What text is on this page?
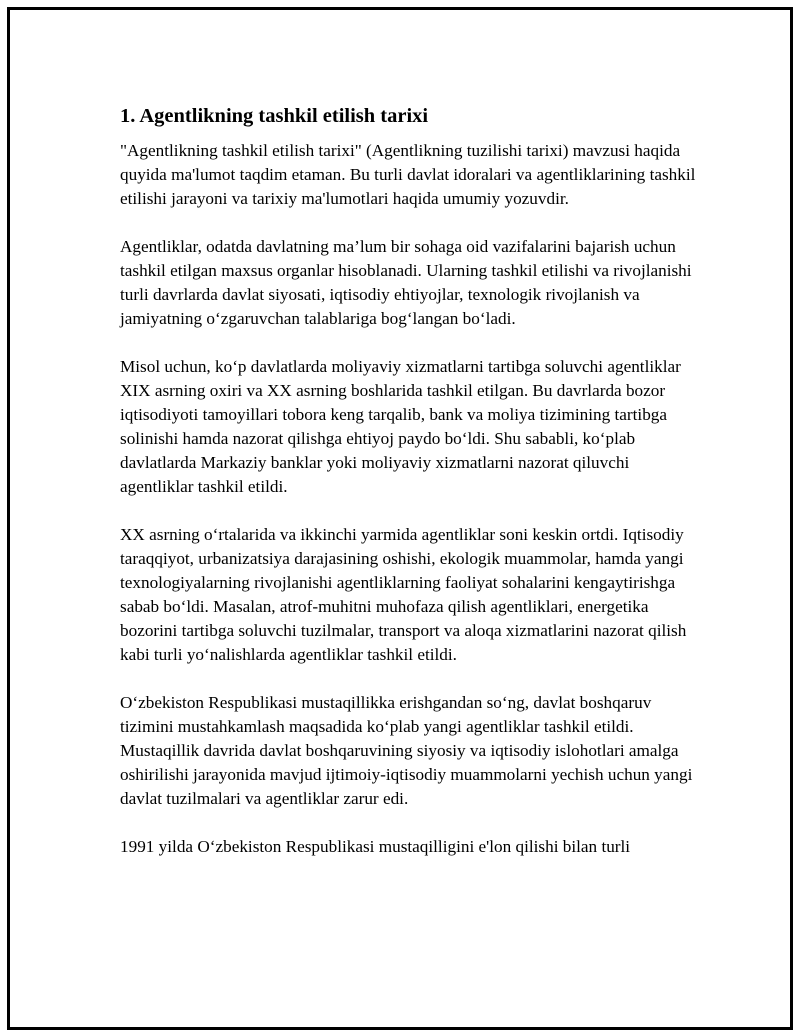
1. Agentlikning tashkil etilish tarixi

"Agentlikning tashkil etilish tarixi" (Agentlikning tuzilishi tarixi) mavzusi haqida quyida ma'lumot taqdim etaman. Bu turli davlat idoralari va agentliklarining tashkil etilishi jarayoni va tarixiy ma'lumotlari haqida umumiy yozuvdir.

Agentliklar, odatda davlatning ma’lum bir sohaga oid vazifalarini bajarish uchun tashkil etilgan maxsus organlar hisoblanadi. Ularning tashkil etilishi va rivojlanishi turli davrlarda davlat siyosati, iqtisodiy ehtiyojlar, texnologik rivojlanish va jamiyatning o‘zgaruvchan talablariga bog‘langan bo‘ladi.

Misol uchun, ko‘p davlatlarda moliyaviy xizmatlarni tartibga soluvchi agentliklar XIX asrning oxiri va XX asrning boshlarida tashkil etilgan. Bu davrlarda bozor iqtisodiyoti tamoyillari tobora keng tarqalib, bank va moliya tizimining tartibga solinishi hamda nazorat qilishga ehtiyoj paydo bo‘ldi. Shu sababli, ko‘plab davlatlarda Markaziy banklar yoki moliyaviy xizmatlarni nazorat qiluvchi agentliklar tashkil etildi.

XX asrning o‘rtalarida va ikkinchi yarmida agentliklar soni keskin ortdi. Iqtisodiy taraqqiyot, urbanizatsiya darajasining oshishi, ekologik muammolar, hamda yangi texnologiyalarning rivojlanishi agentliklarning faoliyat sohalarini kengaytirishga sabab bo‘ldi. Masalan, atrof-muhitni muhofaza qilish agentliklari, energetika bozorini tartibga soluvchi tuzilmalar, transport va aloqa xizmatlarini nazorat qilish kabi turli yo‘nalishlarda agentliklar tashkil etildi.

O‘zbekiston Respublikasi mustaqillikka erishgandan so‘ng, davlat boshqaruv tizimini mustahkamlash maqsadida ko‘plab yangi agentliklar tashkil etildi. Mustaqillik davrida davlat boshqaruvining siyosiy va iqtisodiy islohotlari amalga oshirilishi jarayonida mavjud ijtimoiy-iqtisodiy muammolarni yechish uchun yangi davlat tuzilmalari va agentliklar zarur edi.

1991 yilda O‘zbekiston Respublikasi mustaqilligini e'lon qilishi bilan turli
